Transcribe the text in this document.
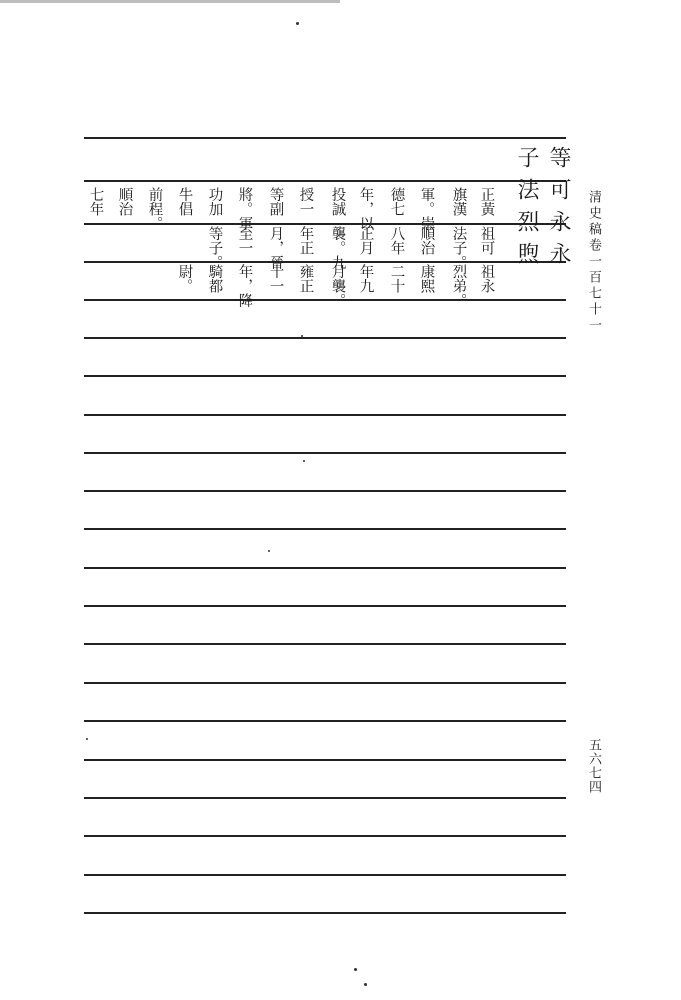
清史稿卷一百七十一
五六七四
等可永永
子法烈煦
正黃
旗漢
軍。崇
德七
年，以
投誠
授一
等副
將。軍
功加
牛倡
前程。
順治
七年
祖可
法子。
順治
八年
正月
襲。九
年正
月，晉
至一
等子。
祖永
烈弟。
康熙
二十
年九
月襲。
雍正
十一
年，降
騎都
尉。
